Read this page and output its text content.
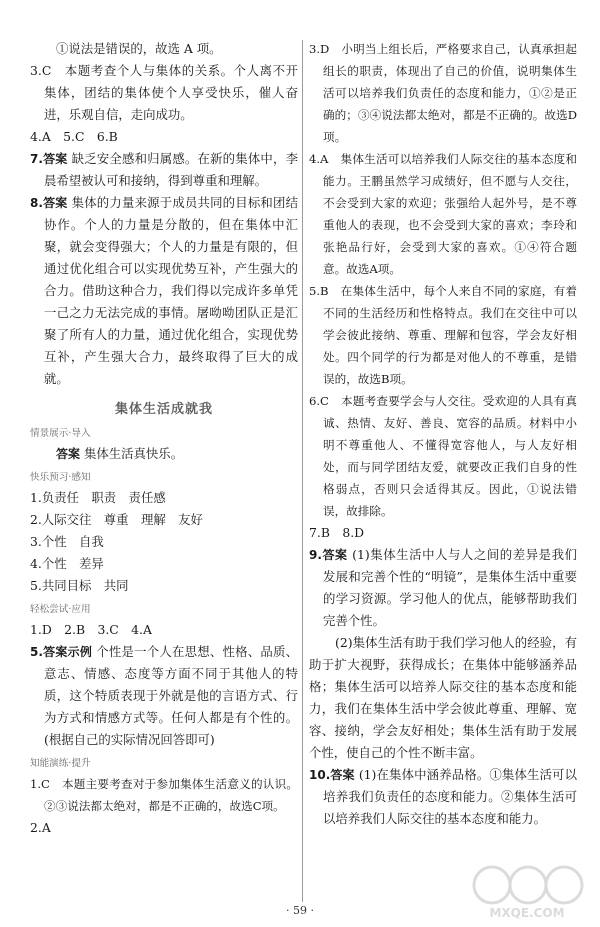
①说法是错误的，故选 A 项。

3.C　本题考查个人与集体的关系。个人离不开集体，团结的集体使个人享受快乐，催人奋进，乐观自信，走向成功。

4.A　5.C　6.B

7.答案 缺乏安全感和归属感。在新的集体中，李晨希望被认可和接纳，得到尊重和理解。

8.答案 集体的力量来源于成员共同的目标和团结协作。个人的力量是分散的，但在集体中汇聚，就会变得强大；个人的力量是有限的，但通过优化组合可以实现优势互补，产生强大的合力。借助这种合力，我们得以完成许多单凭一己之力无法完成的事情。屠呦呦团队正是汇聚了所有人的力量，通过优化组合，实现优势互补，产生强大合力，最终取得了巨大的成就。

集体生活成就我
情景展示·导入

答案 集体生活真快乐。

快乐预习·感知

1.负责任　职责　责任感

2.人际交往　尊重　理解　友好

3.个性　自我

4.个性　差异

5.共同目标　共同

轻松尝试·应用

1.D　2.B　3.C　4.A

5.答案示例 个性是一个人在思想、性格、品质、意志、情感、态度等方面不同于其他人的特质，这个特质表现于外就是他的言语方式、行为方式和情感方式等。任何人都是有个性的。(根据自己的实际情况回答即可)

知能演练·提升

1.C　本题主要考查对于参加集体生活意义的认识。②③说法都太绝对，都是不正确的，故选C项。

2.A

3.D　小明当上组长后，严格要求自己，认真承担起组长的职责，体现出了自己的价值，说明集体生活可以培养我们负责任的态度和能力，①②是正确的；③④说法都太绝对，都是不正确的。故选D项。

4.A　集体生活可以培养我们人际交往的基本态度和能力。王鹏虽然学习成绩好，但不愿与人交往，不会受到大家的欢迎；张强给人起外号，是不尊重他人的表现，也不会受到大家的喜欢；李玲和张艳品行好，会受到大家的喜欢。①④符合题意。故选A项。

5.B　在集体生活中，每个人来自不同的家庭，有着不同的生活经历和性格特点。我们在交往中可以学会彼此接纳、尊重、理解和包容，学会友好相处。四个同学的行为都是对他人的不尊重，是错误的，故选B项。

6.C　本题考查要学会与人交往。受欢迎的人具有真诚、热情、友好、善良、宽容的品质。材料中小明不尊重他人、不懂得宽容他人，与人友好相处，而与同学团结友爱，就要改正我们自身的性格弱点，否则只会适得其反。因此，①说法错误，故排除。

7.B　8.D

9.答案 (1)集体生活中人与人之间的差异是我们发展和完善个性的“明镜”，是集体生活中重要的学习资源。学习他人的优点，能够帮助我们完善个性。

(2)集体生活有助于我们学习他人的经验，有助于扩大视野，获得成长；在集体中能够涵养品格；集体生活可以培养人际交往的基本态度和能力，我们在集体生活中学会彼此尊重、理解、宽容、接纳，学会友好相处；集体生活有助于发展个性，使自己的个性不断丰富。

10.答案 (1)在集体中涵养品格。①集体生活可以培养我们负责任的态度和能力。②集体生活可以培养我们人际交往的基本态度和能力。

· 59 ·	MXQE.COM
